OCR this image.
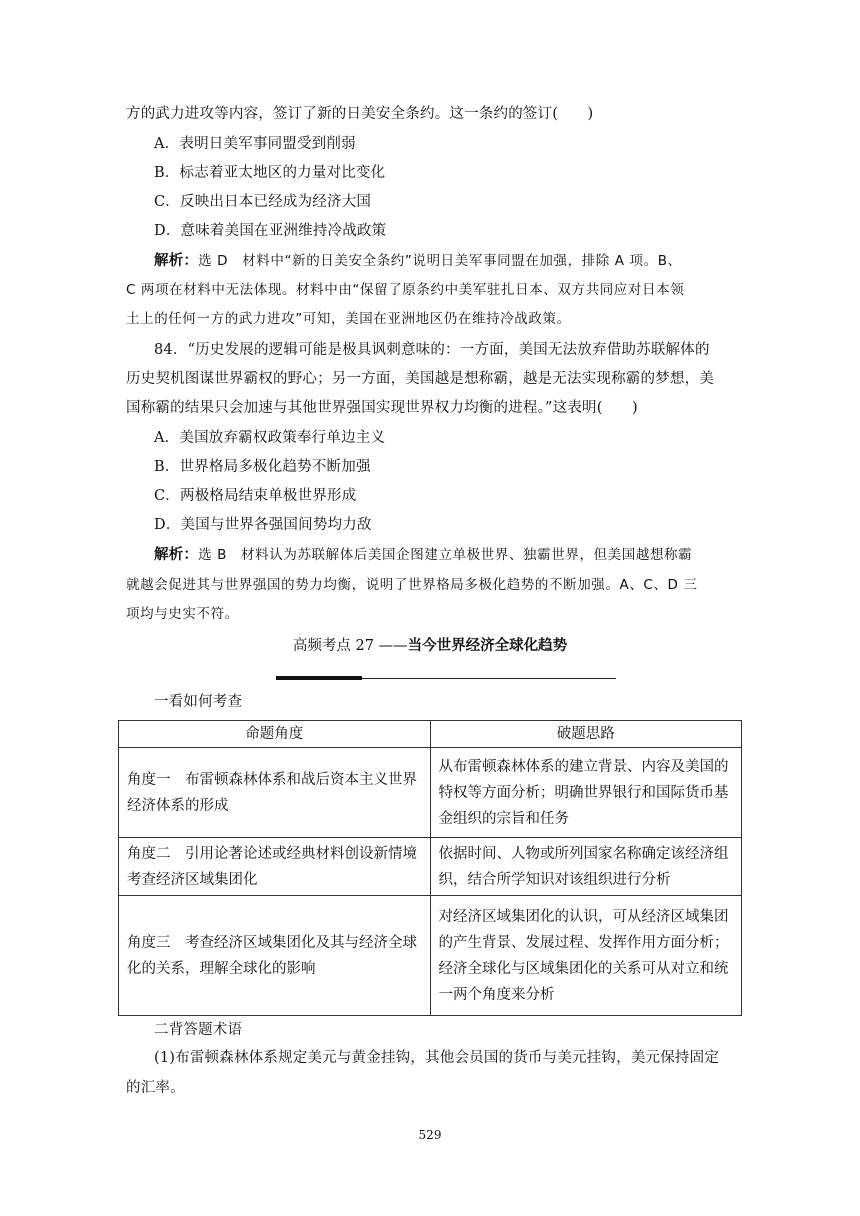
方的武力进攻等内容，签订了新的日美安全条约。这一条约的签订(　　)
A．表明日美军事同盟受到削弱
B．标志着亚太地区的力量对比变化
C．反映出日本已经成为经济大国
D．意味着美国在亚洲维持冷战政策
解析：选 D　材料中“新的日美安全条约”说明日美军事同盟在加强，排除 A 项。B、
C 两项在材料中无法体现。材料中由“保留了原条约中美军驻扎日本、双方共同应对日本领
土上的任何一方的武力进攻”可知，美国在亚洲地区仍在维持冷战政策。
84．“历史发展的逻辑可能是极具讽刺意味的：一方面，美国无法放弃借助苏联解体的
历史契机图谋世界霸权的野心；另一方面，美国越是想称霸，越是无法实现称霸的梦想，美
国称霸的结果只会加速与其他世界强国实现世界权力均衡的进程。”这表明(　　)
A．美国放弃霸权政策奉行单边主义
B．世界格局多极化趋势不断加强
C．两极格局结束单极世界形成
D．美国与世界各强国间势均力敌
解析：选 B　材料认为苏联解体后美国企图建立单极世界、独霸世界，但美国越想称霸
就越会促进其与世界强国的势力均衡，说明了世界格局多极化趋势的不断加强。A、C、D 三
项均与史实不符。
高频考点 27 ——当今世界经济全球化趋势
一看如何考查
命题角度	破题思路
角度一　布雷顿森林体系和战后资本主义世界经济体系的形成	从布雷顿森林体系的建立背景、内容及美国的特权等方面分析；明确世界银行和国际货币基金组织的宗旨和任务
角度二　引用论著论述或经典材料创设新情境考查经济区域集团化	依据时间、人物或所列国家名称确定该经济组织，结合所学知识对该组织进行分析
角度三　考查经济区域集团化及其与经济全球化的关系，理解全球化的影响	对经济区域集团化的认识，可从经济区域集团的产生背景、发展过程、发挥作用方面分析；经济全球化与区域集团化的关系可从对立和统一两个角度来分析
二背答题术语
(1)布雷顿森林体系规定美元与黄金挂钩，其他会员国的货币与美元挂钩，美元保持固定
的汇率。
529
